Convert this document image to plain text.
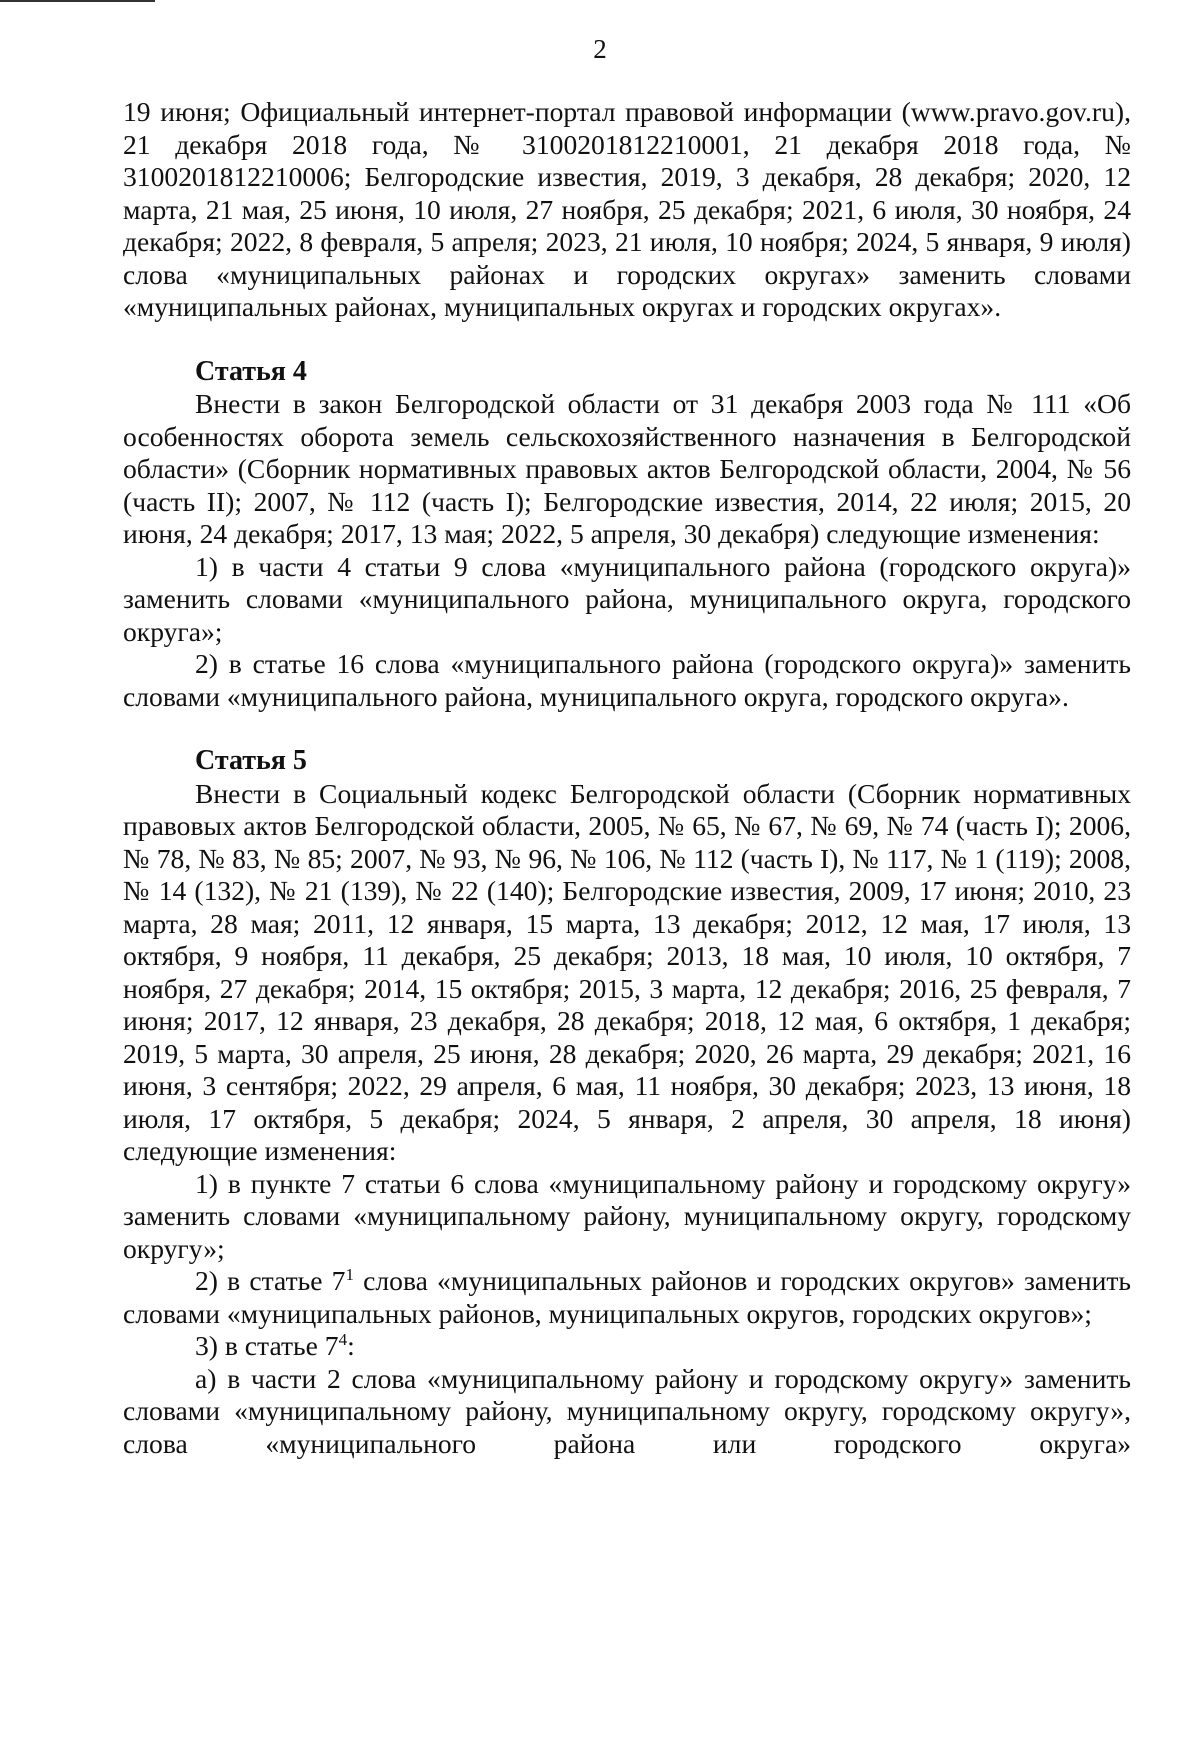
2

19 июня; Официальный интернет-портал правовой информации (www.pravo.gov.ru), 21 декабря 2018 года, № 3100201812210001, 21 декабря 2018 года, № 3100201812210006; Белгородские известия, 2019, 3 декабря, 28 декабря; 2020, 12 марта, 21 мая, 25 июня, 10 июля, 27 ноября, 25 декабря; 2021, 6 июля, 30 ноября, 24 декабря; 2022, 8 февраля, 5 апреля; 2023, 21 июля, 10 ноября; 2024, 5 января, 9 июля) слова «муниципальных районах и городских округах» заменить словами «муниципальных районах, муниципальных округах и городских округах».

Статья 4

Внести в закон Белгородской области от 31 декабря 2003 года № 111 «Об особенностях оборота земель сельскохозяйственного назначения в Белгородской области» (Сборник нормативных правовых актов Белгородской области, 2004, № 56 (часть II); 2007, № 112 (часть I); Белгородские известия, 2014, 22 июля; 2015, 20 июня, 24 декабря; 2017, 13 мая; 2022, 5 апреля, 30 декабря) следующие изменения:

1) в части 4 статьи 9 слова «муниципального района (городского округа)» заменить словами «муниципального района, муниципального округа, городского округа»;

2) в статье 16 слова «муниципального района (городского округа)» заменить словами «муниципального района, муниципального округа, городского округа».

Статья 5

Внести в Социальный кодекс Белгородской области (Сборник нормативных правовых актов Белгородской области, 2005, № 65, № 67, № 69, № 74 (часть I); 2006, № 78, № 83, № 85; 2007, № 93, № 96, № 106, № 112 (часть I), № 117, № 1 (119); 2008, № 14 (132), № 21 (139), № 22 (140); Белгородские известия, 2009, 17 июня; 2010, 23 марта, 28 мая; 2011, 12 января, 15 марта, 13 декабря; 2012, 12 мая, 17 июля, 13 октября, 9 ноября, 11 декабря, 25 декабря; 2013, 18 мая, 10 июля, 10 октября, 7 ноября, 27 декабря; 2014, 15 октября; 2015, 3 марта, 12 декабря; 2016, 25 февраля, 7 июня; 2017, 12 января, 23 декабря, 28 декабря; 2018, 12 мая, 6 октября, 1 декабря; 2019, 5 марта, 30 апреля, 25 июня, 28 декабря; 2020, 26 марта, 29 декабря; 2021, 16 июня, 3 сентября; 2022, 29 апреля, 6 мая, 11 ноября, 30 декабря; 2023, 13 июня, 18 июля, 17 октября, 5 декабря; 2024, 5 января, 2 апреля, 30 апреля, 18 июня) следующие изменения:

1) в пункте 7 статьи 6 слова «муниципальному району и городскому округу» заменить словами «муниципальному району, муниципальному округу, городскому округу»;

2) в статье $7^1$ слова «муниципальных районов и городских округов» заменить словами «муниципальных районов, муниципальных округов, городских округов»;

3) в статье $7^4$:

а) в части 2 слова «муниципальному району и городскому округу» заменить словами «муниципальному району, муниципальному округу, городскому округу», слова «муниципального района или городского округа»
